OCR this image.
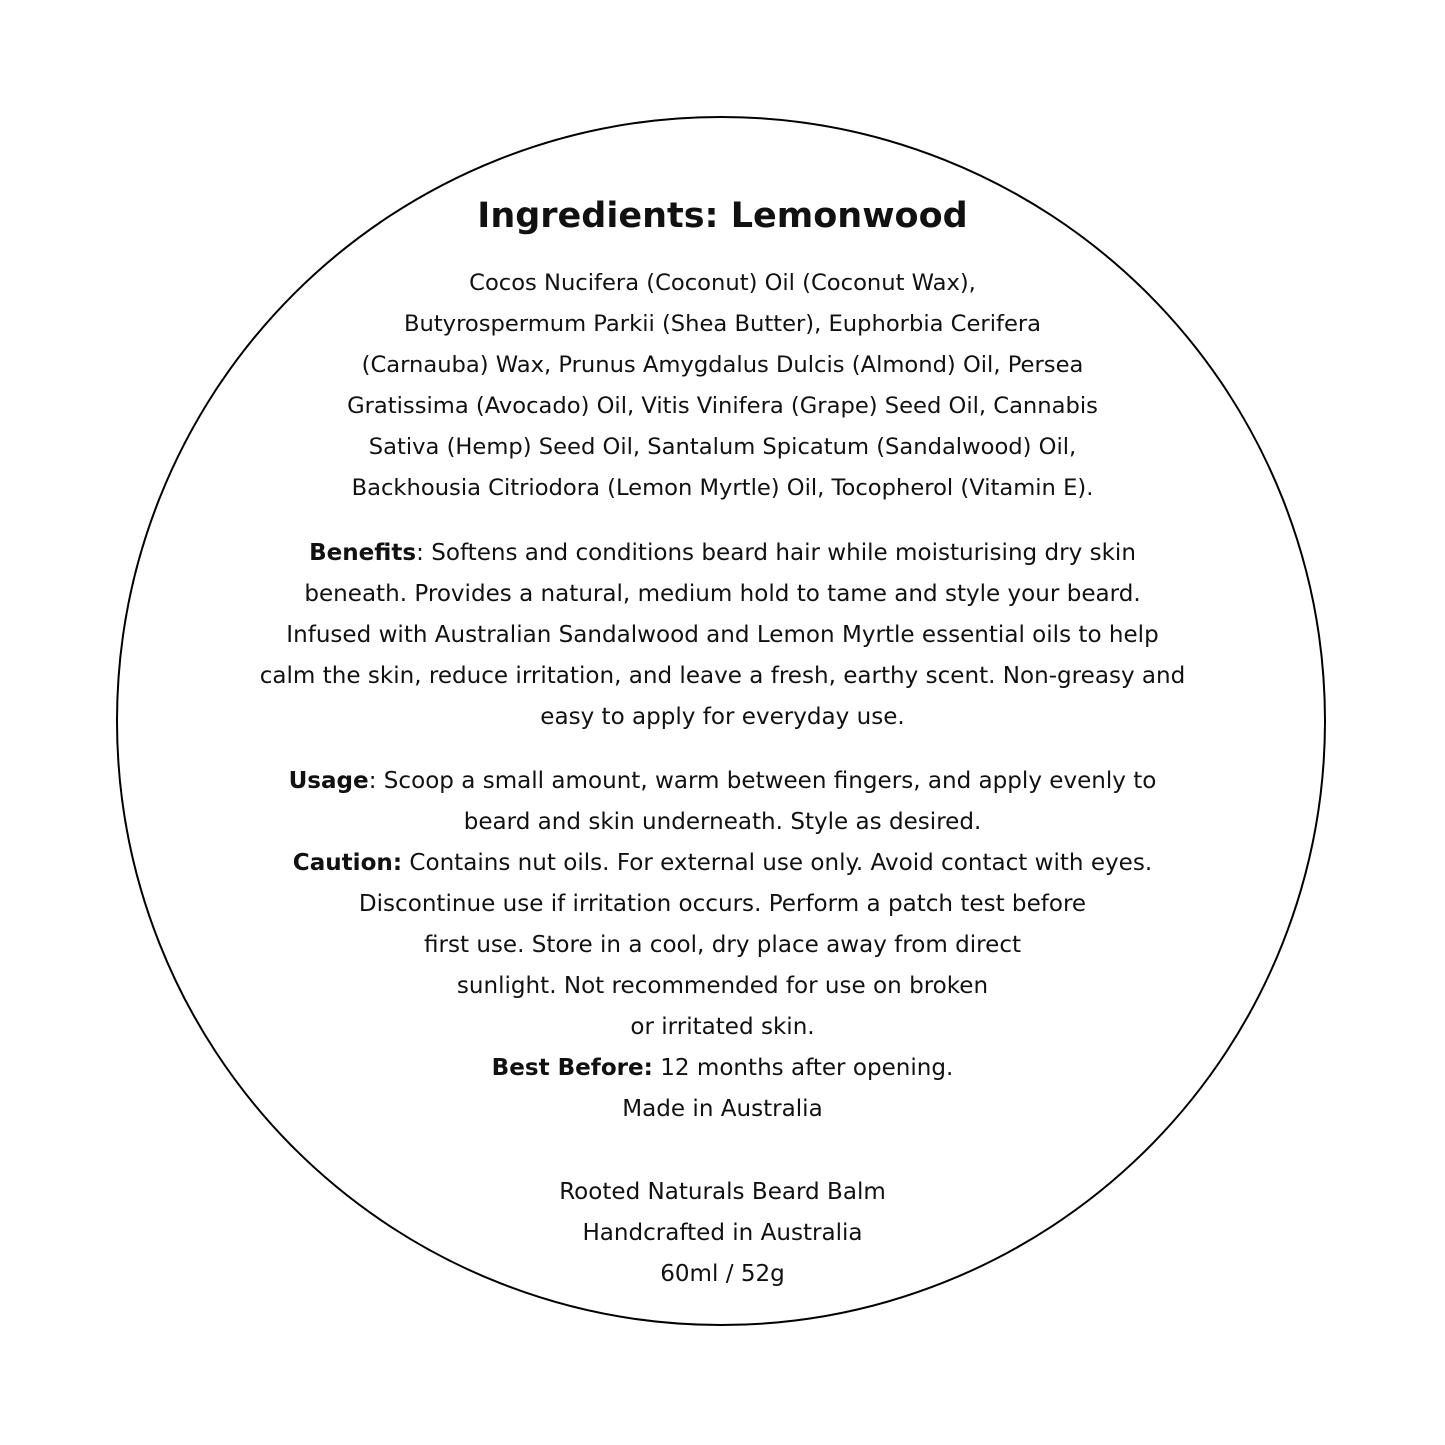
Ingredients: Lemonwood
Cocos Nucifera (Coconut) Oil (Coconut Wax),
Butyrospermum Parkii (Shea Butter), Euphorbia Cerifera
(Carnauba) Wax, Prunus Amygdalus Dulcis (Almond) Oil, Persea
Gratissima (Avocado) Oil, Vitis Vinifera (Grape) Seed Oil, Cannabis
Sativa (Hemp) Seed Oil, Santalum Spicatum (Sandalwood) Oil,
Backhousia Citriodora (Lemon Myrtle) Oil, Tocopherol (Vitamin E).
Benefits: Softens and conditions beard hair while moisturising dry skin
beneath. Provides a natural, medium hold to tame and style your beard.
Infused with Australian Sandalwood and Lemon Myrtle essential oils to help
calm the skin, reduce irritation, and leave a fresh, earthy scent. Non-greasy and
easy to apply for everyday use.
Usage: Scoop a small amount, warm between fingers, and apply evenly to
beard and skin underneath. Style as desired.
Caution: Contains nut oils. For external use only. Avoid contact with eyes.
Discontinue use if irritation occurs. Perform a patch test before
first use. Store in a cool, dry place away from direct
sunlight. Not recommended for use on broken
or irritated skin.
Best Before: 12 months after opening.
Made in Australia
Rooted Naturals Beard Balm
Handcrafted in Australia
60ml / 52g
